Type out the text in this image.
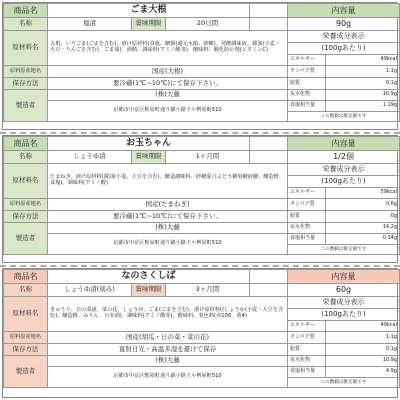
商品名	ごま大根				内容量	
名称	塩漬	賞味期限	20日間		90g	
原材料名	大根、いりごま(ごまを含む)、漬け原材料(食塩、糖類(還元水飴、砂糖)、発酵調味液、醤油(小麦・大豆・りんごを含む)、ごま油)、酒精、調味料(アミノ酸等)、酸味料、酸化防止剤(ビタミンC)				栄養成分表示	
					(100gあたり)	
					エネルギー	49kcal
原料原産地名	国産(大根)				タンパク質	1.1g
保存方法	要冷蔵(1℃~10℃)にて保存下さい。				脂質	0.1g
製造者	(株)大藤				炭水化物	10.9g
	京都市中京区麩屋町通り錦小路下ル桝屋町510				食塩相当量	1.19g
					この数値は推定値です	
商品名	お玉ちゃん				内容量	
名称	しょうゆ漬	賞味期限	1ヶ月間		1/2個	
原材料名	たまねぎ、漬け原材料(醤油(小麦、大豆を含む)、醸造調味料、砂糖混合ぶどう糖果糖液糖、醸造酢、食塩)、調味料(アミノ酸)				栄養成分表示	
					(100gあたり)	
					エネルギー	59kcal
原料原産地名	国産(たまねぎ)				タンパク質	0.6g
保存方法	要冷蔵(1℃~10℃)にて保存下さい。				脂質	0g
製造者	(株)大藤				炭水化物	14.2g
	京都市中京区麩屋町通り錦小路下ル桝屋町510				食塩相当量	0.34g
					この数値は推定値です	
商品名	なのさくしば				内容量	
名称	しょうゆ漬(刻み)	賞味期限	3ヶ月間		60g	
原材料名	きゅうり、日の菜漬、菜の花、しょうが、ごま(ごまを含む)、漬け原材料((しょうゆ(小麦・大豆を含む)、醸造酢、みりん、日本酒)、調味料(アミノ酸等)、酸味料、着色料(赤106、黄4)				栄養成分表示	
					(100gあたり)	
					エネルギー	49kcal
原料原産地名	国産(胡瓜・日の菜・菜の花)				タンパク質	1.1g
保存方法	直射日光・高温多湿を避けて保存				脂質	0.1g
製造者	(株)大藤				炭水化物	10.9g
	京都市中京区麩屋町通り錦小路下ル桝屋町510				食塩相当量	4.9g
					この数値は推定値です	
